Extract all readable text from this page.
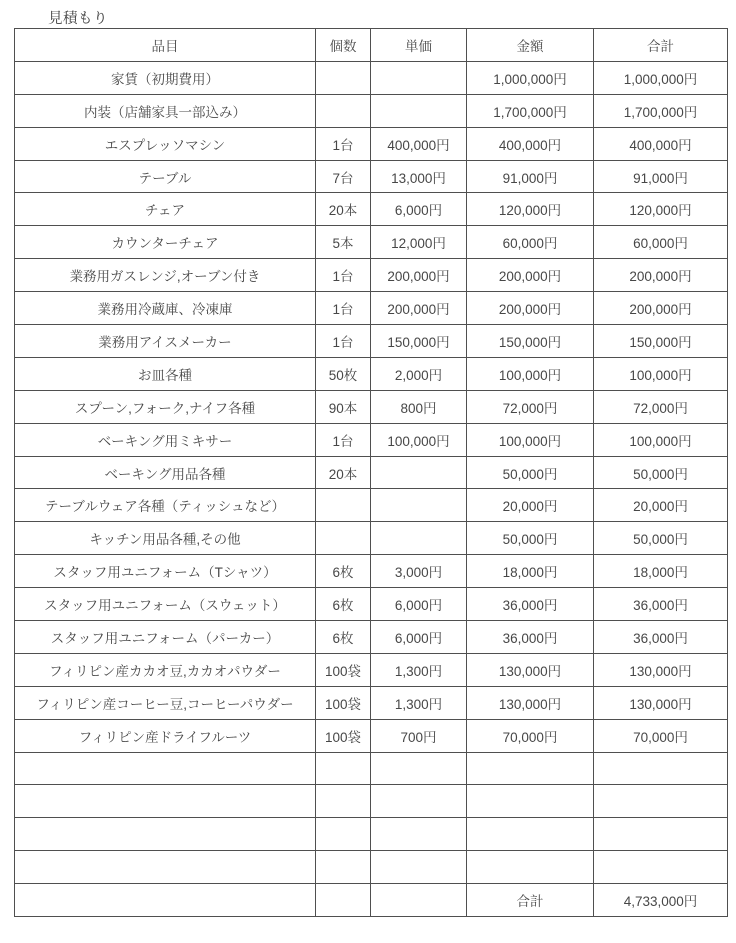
見積もり
品目	個数	単価	金額	合計
家賃（初期費用）			1,000,000円	1,000,000円
内装（店舗家具一部込み）			1,700,000円	1,700,000円
エスプレッソマシン	1台	400,000円	400,000円	400,000円
テーブル	7台	13,000円	91,000円	91,000円
チェア	20本	6,000円	120,000円	120,000円
カウンターチェア	5本	12,000円	60,000円	60,000円
業務用ガスレンジ,オーブン付き	1台	200,000円	200,000円	200,000円
業務用冷蔵庫、冷凍庫	1台	200,000円	200,000円	200,000円
業務用アイスメーカー	1台	150,000円	150,000円	150,000円
お皿各種	50枚	2,000円	100,000円	100,000円
スプーン,フォーク,ナイフ各種	90本	800円	72,000円	72,000円
ベーキング用ミキサー	1台	100,000円	100,000円	100,000円
ベーキング用品各種	20本		50,000円	50,000円
テーブルウェア各種（ティッシュなど）			20,000円	20,000円
キッチン用品各種,その他			50,000円	50,000円
スタッフ用ユニフォーム（Tシャツ）	6枚	3,000円	18,000円	18,000円
スタッフ用ユニフォーム（スウェット）	6枚	6,000円	36,000円	36,000円
スタッフ用ユニフォーム（パーカー）	6枚	6,000円	36,000円	36,000円
フィリピン産カカオ豆,カカオパウダー	100袋	1,300円	130,000円	130,000円
フィリピン産コーヒー豆,コーヒーパウダー	100袋	1,300円	130,000円	130,000円
フィリピン産ドライフルーツ	100袋	700円	70,000円	70,000円

			合計	4,733,000円
